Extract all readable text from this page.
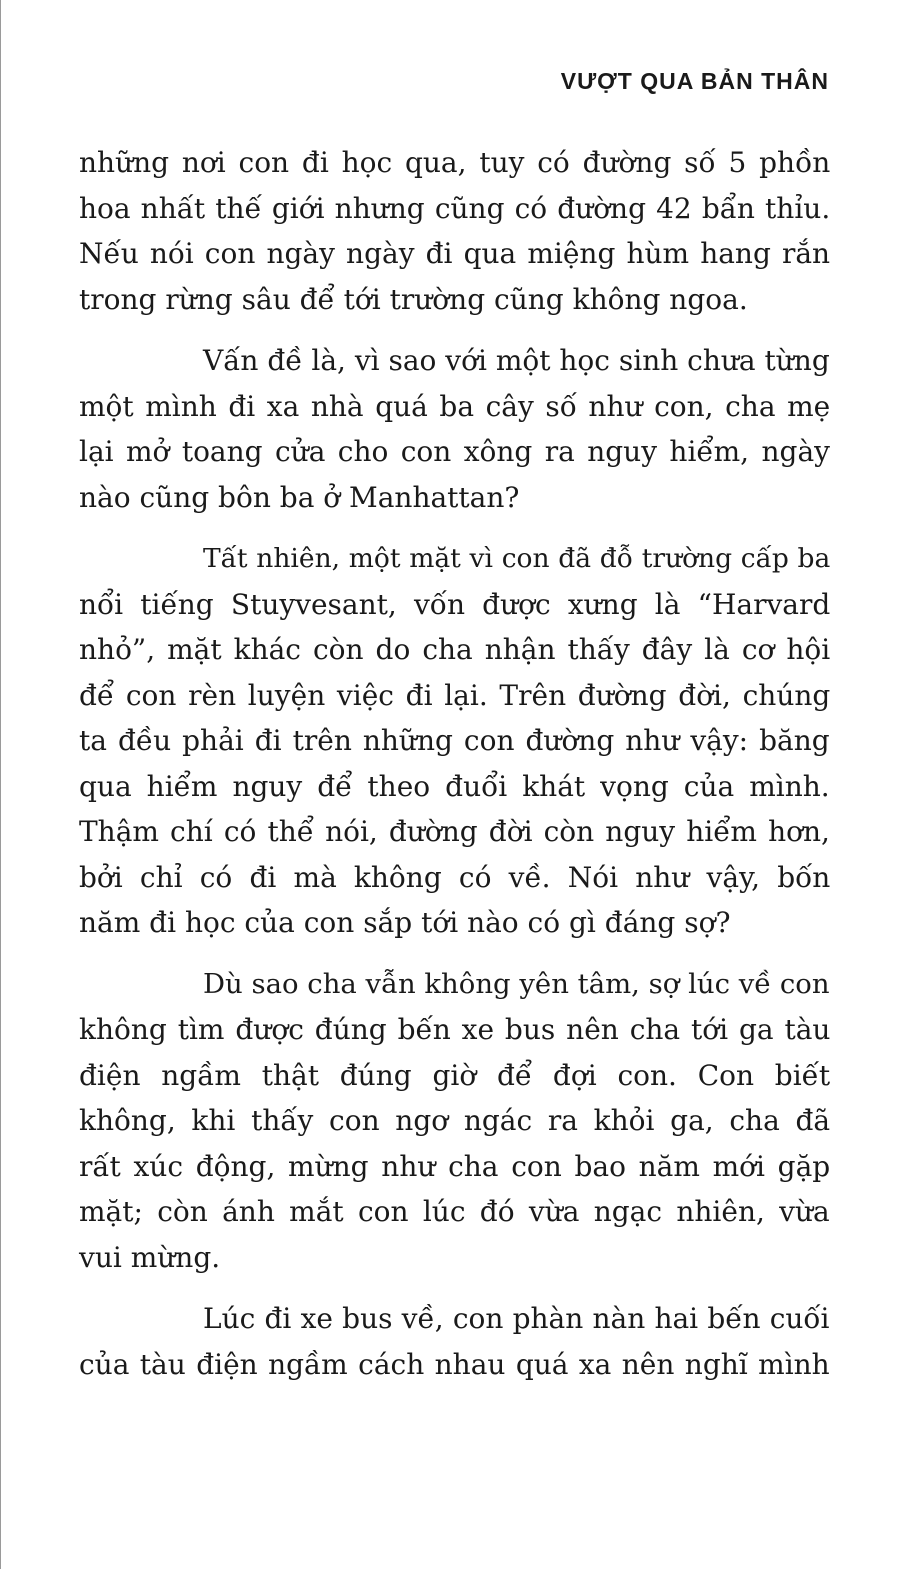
VƯỢT QUA BẢN THÂN
những nơi con đi học qua, tuy có đường số 5 phồn
hoa nhất thế giới nhưng cũng có đường 42 bẩn thỉu.
Nếu nói con ngày ngày đi qua miệng hùm hang rắn
trong rừng sâu để tới trường cũng không ngoa.
Vấn đề là, vì sao với một học sinh chưa từng
một mình đi xa nhà quá ba cây số như con, cha mẹ
lại mở toang cửa cho con xông ra nguy hiểm, ngày
nào cũng bôn ba ở Manhattan?
Tất nhiên, một mặt vì con đã đỗ trường cấp ba
nổi tiếng Stuyvesant, vốn được xưng là “Harvard
nhỏ”, mặt khác còn do cha nhận thấy đây là cơ hội
để con rèn luyện việc đi lại. Trên đường đời, chúng
ta đều phải đi trên những con đường như vậy: băng
qua hiểm nguy để theo đuổi khát vọng của mình.
Thậm chí có thể nói, đường đời còn nguy hiểm hơn,
bởi chỉ có đi mà không có về. Nói như vậy, bốn
năm đi học của con sắp tới nào có gì đáng sợ?
Dù sao cha vẫn không yên tâm, sợ lúc về con
không tìm được đúng bến xe bus nên cha tới ga tàu
điện ngầm thật đúng giờ để đợi con. Con biết
không, khi thấy con ngơ ngác ra khỏi ga, cha đã
rất xúc động, mừng như cha con bao năm mới gặp
mặt; còn ánh mắt con lúc đó vừa ngạc nhiên, vừa
vui mừng.
Lúc đi xe bus về, con phàn nàn hai bến cuối
của tàu điện ngầm cách nhau quá xa nên nghĩ mình
